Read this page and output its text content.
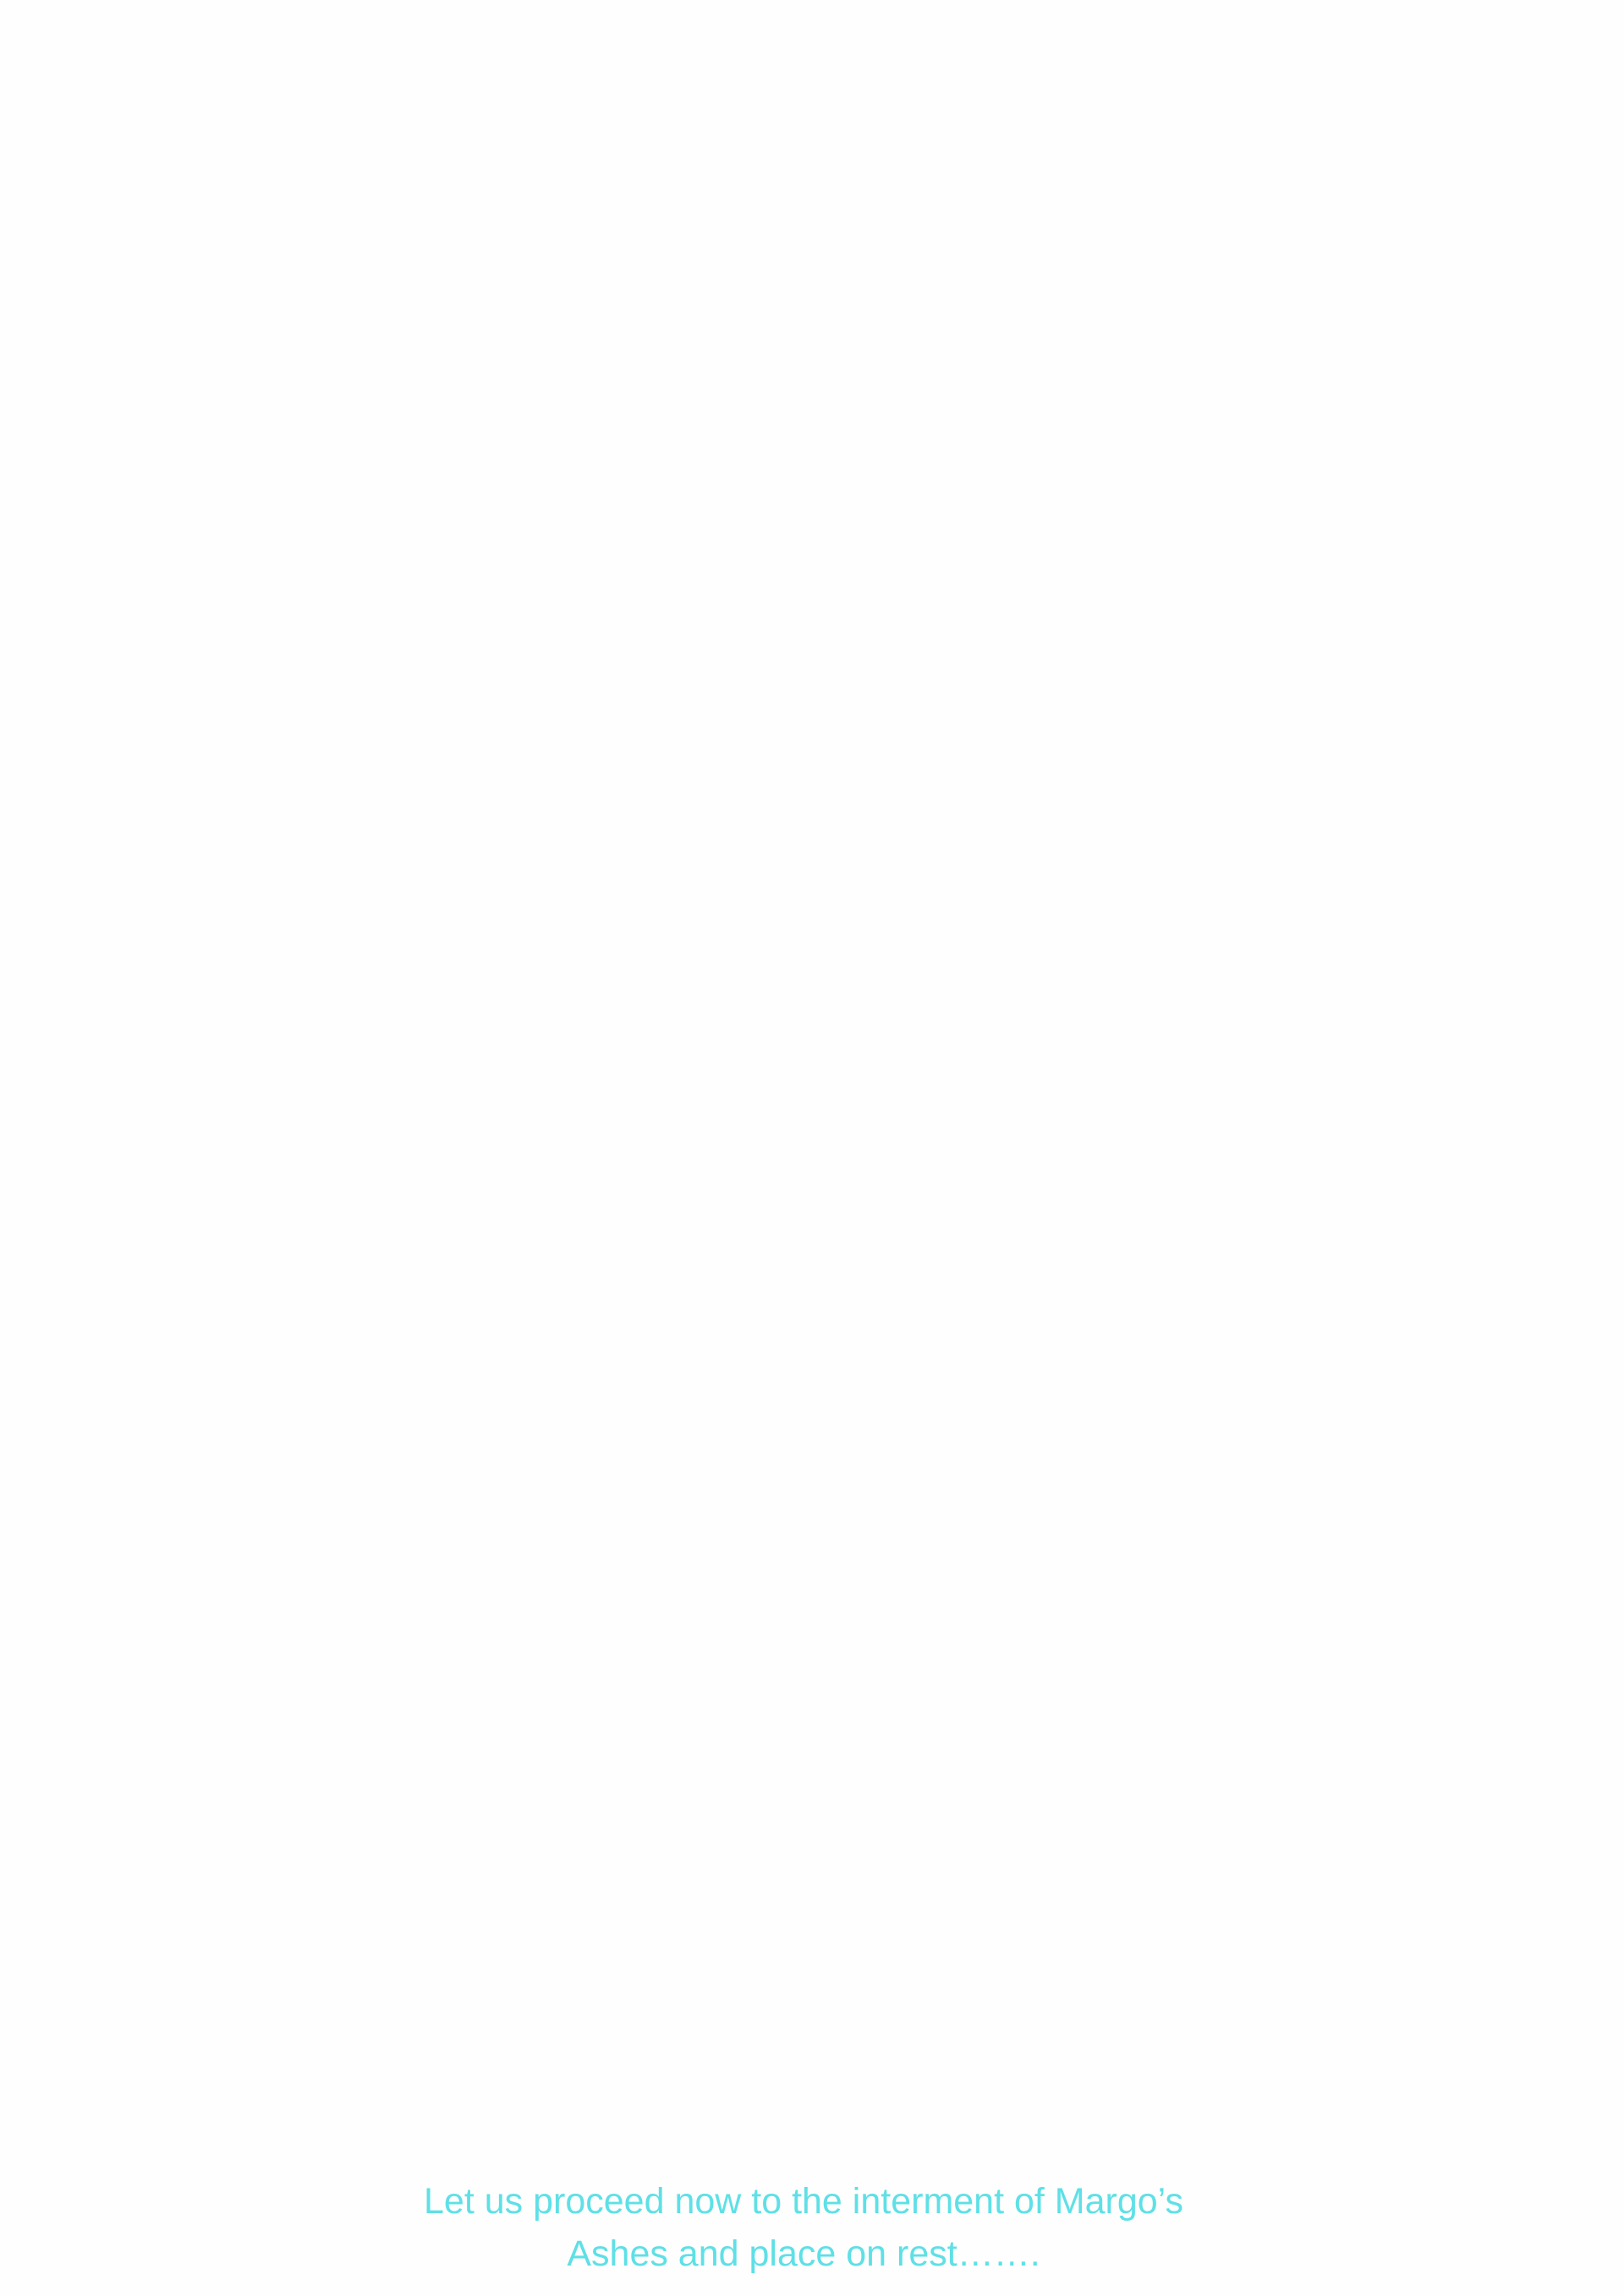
Let us proceed now to the interment of Margo’s
Ashes and place on rest…….
